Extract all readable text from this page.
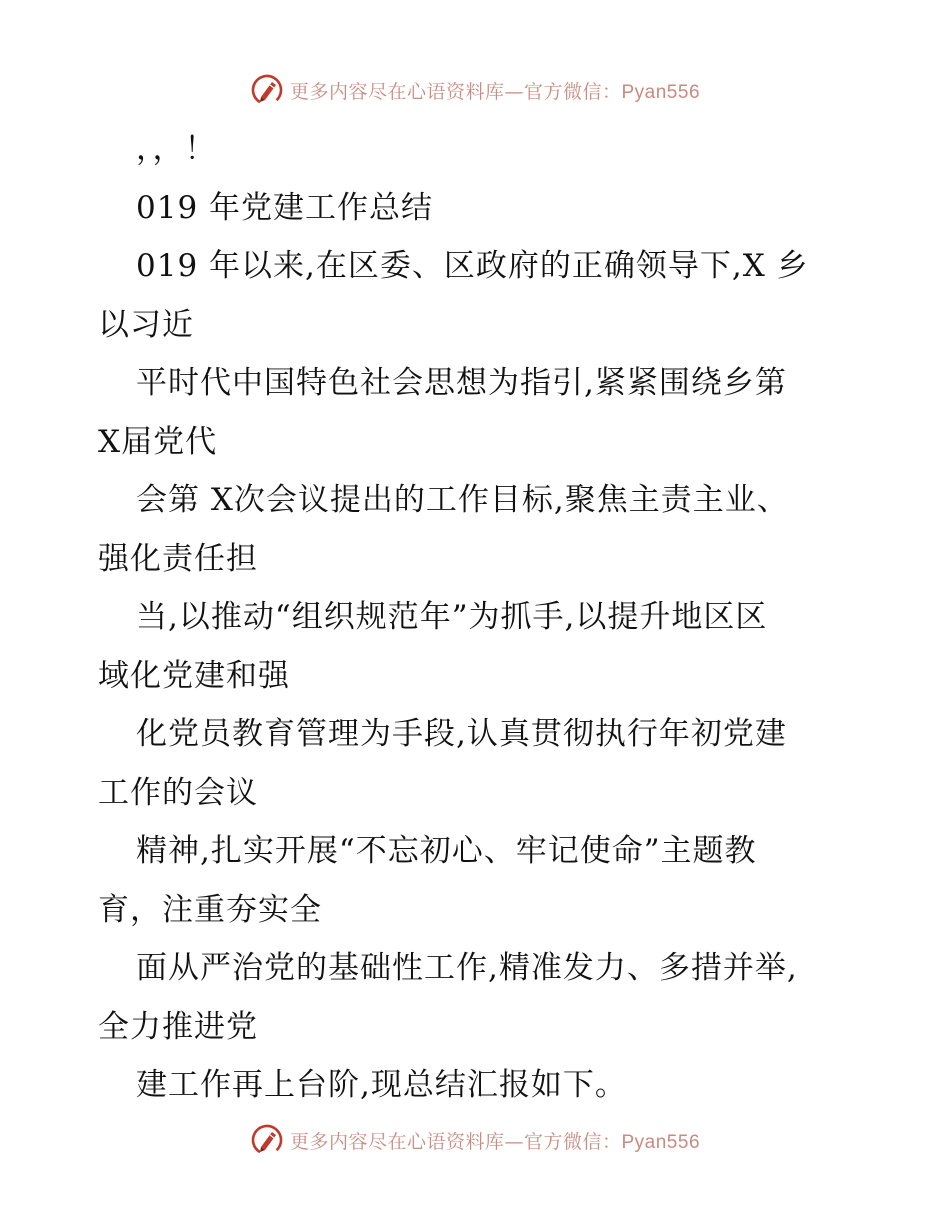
更多内容尽在心语资料库—官方微信：Pyan556
，，！
019 年党建工作总结
019 年以来,在区委、区政府的正确领导下,X 乡
以习近
平时代中国特色社会思想为指引,紧紧围绕乡第
X届党代
会第 X次会议提出的工作目标,聚焦主责主业、
强化责任担
当,以推动“组织规范年”为抓手,以提升地区区
域化党建和强
化党员教育管理为手段,认真贯彻执行年初党建
工作的会议
精神,扎实开展“不忘初心、牢记使命”主题教
育，注重夯实全
面从严治党的基础性工作,精准发力、多措并举,
全力推进党
建工作再上台阶,现总结汇报如下。
更多内容尽在心语资料库—官方微信：Pyan556
